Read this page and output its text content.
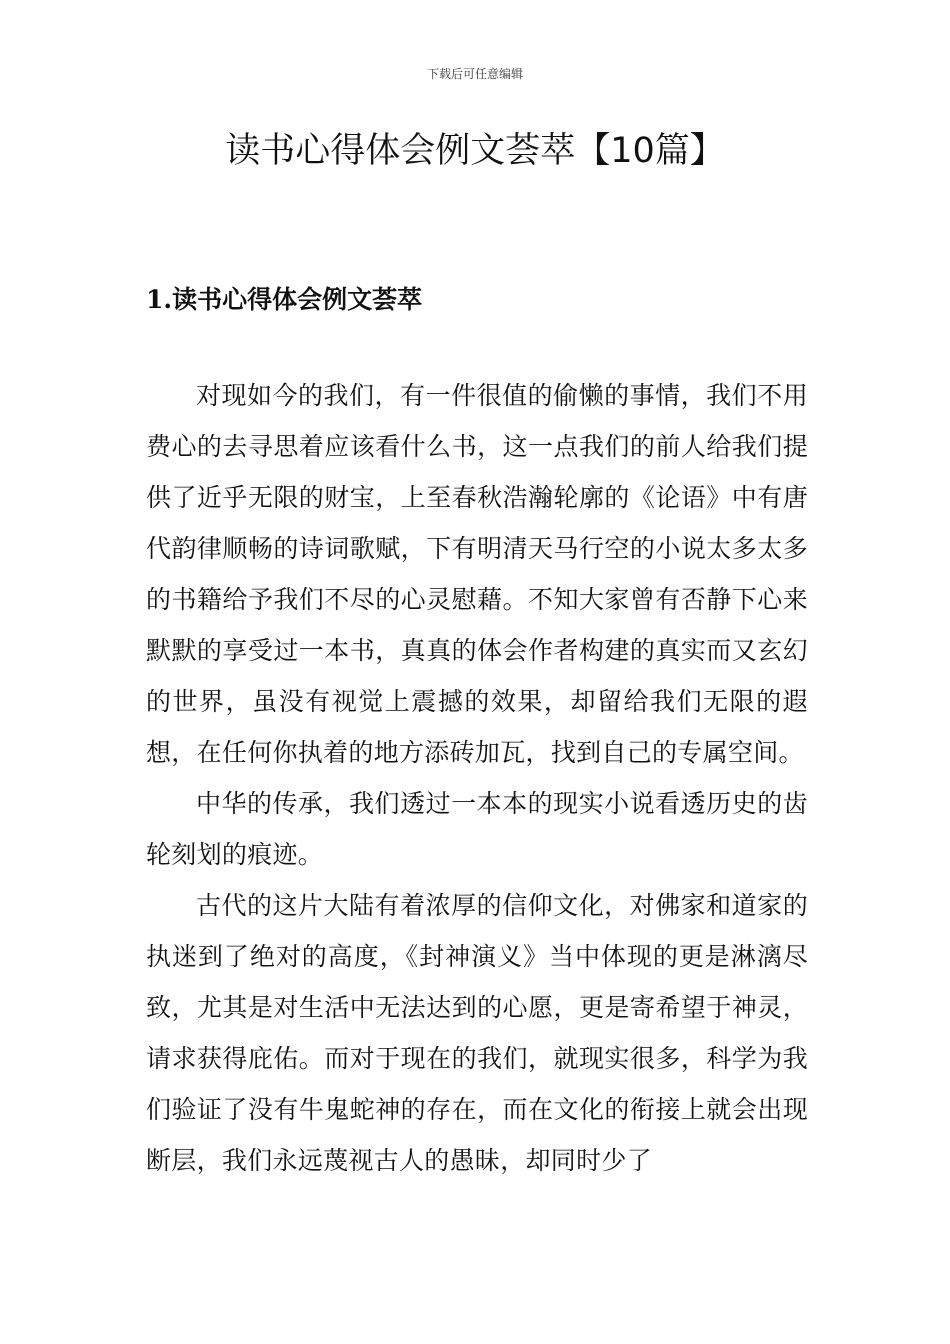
下载后可任意编辑
读书心得体会例文荟萃【10篇】
1.读书心得体会例文荟萃

对现如今的我们，有一件很值的偷懒的事情，我们不用费心的去寻思着应该看什么书，这一点我们的前人给我们提供了近乎无限的财宝，上至春秋浩瀚轮廓的《论语》中有唐代韵律顺畅的诗词歌赋，下有明清天马行空的小说太多太多的书籍给予我们不尽的心灵慰藉。不知大家曾有否静下心来默默的享受过一本书，真真的体会作者构建的真实而又玄幻的世界，虽没有视觉上震撼的效果，却留给我们无限的遐想，在任何你执着的地方添砖加瓦，找到自己的专属空间。

中华的传承，我们透过一本本的现实小说看透历史的齿轮刻划的痕迹。

古代的这片大陆有着浓厚的信仰文化，对佛家和道家的执迷到了绝对的高度，《封神演义》当中体现的更是淋漓尽致，尤其是对生活中无法达到的心愿，更是寄希望于神灵，请求获得庇佑。而对于现在的我们，就现实很多，科学为我们验证了没有牛鬼蛇神的存在，而在文化的衔接上就会出现断层，我们永远蔑视古人的愚昧，却同时少了
